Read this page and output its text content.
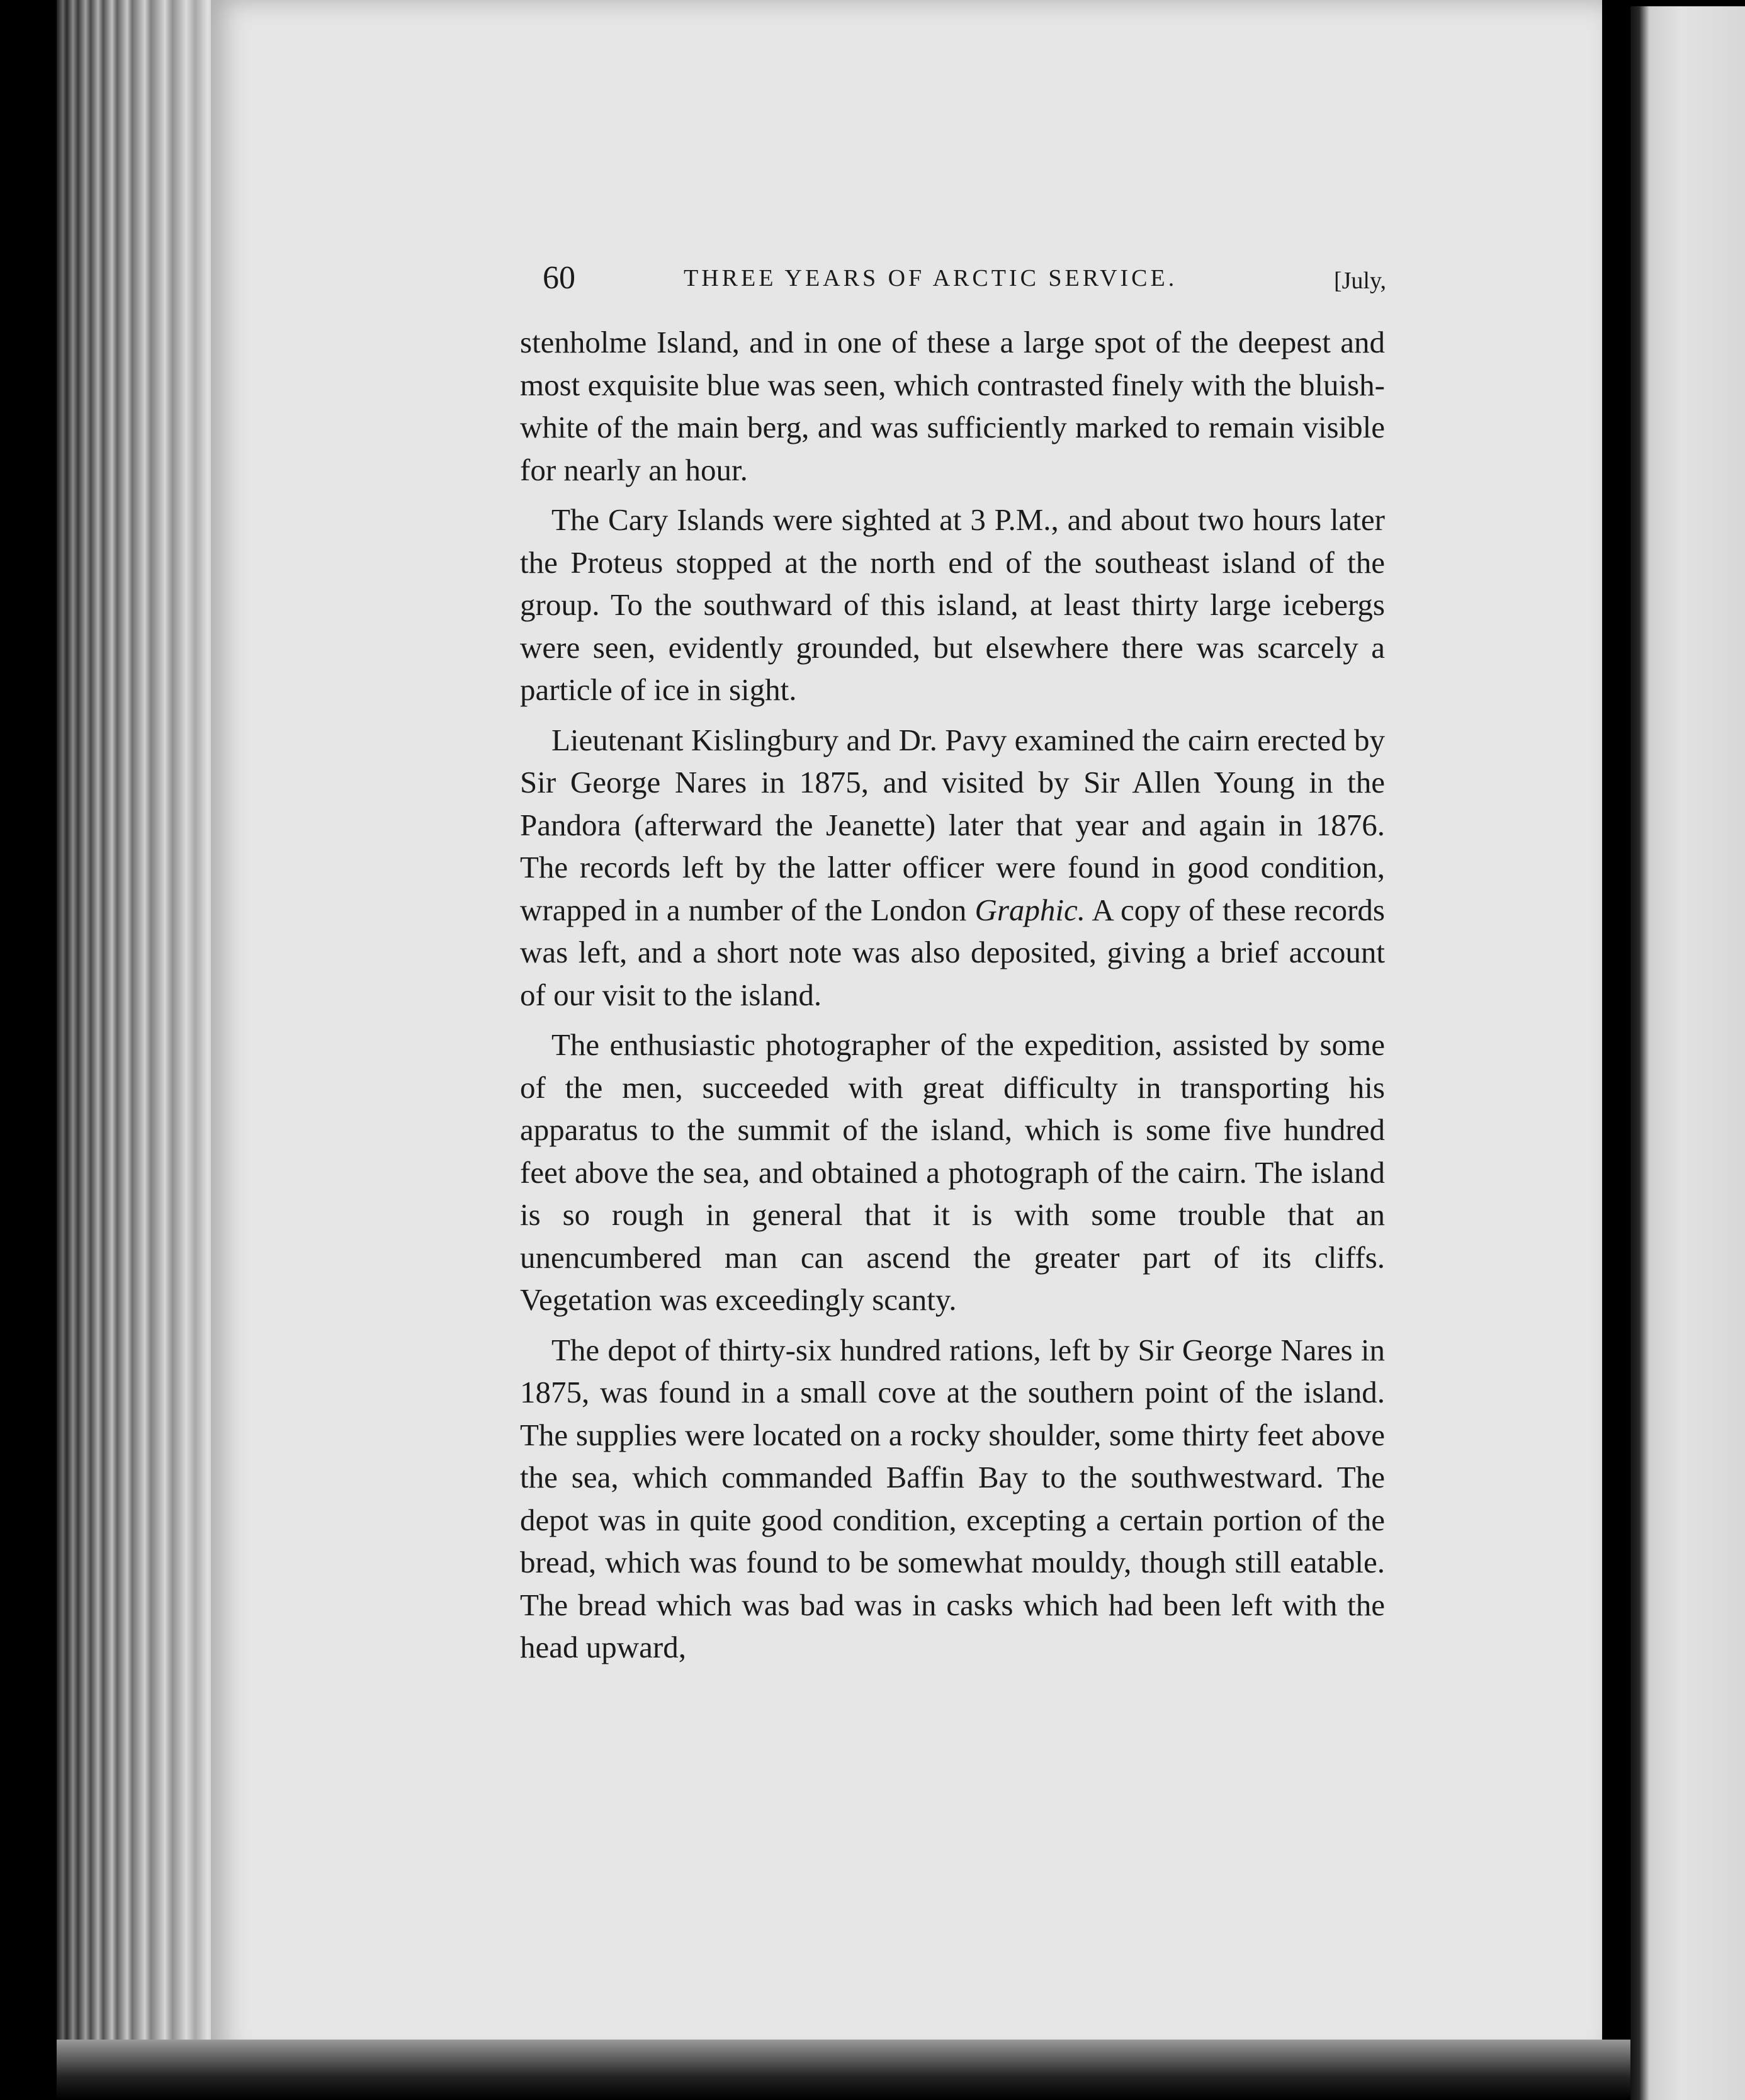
60	THREE YEARS OF ARCTIC SERVICE.	[July,

stenholme Island, and in one of these a large spot of the deepest and most exquisite blue was seen, which contrasted finely with the bluish-white of the main berg, and was sufficiently marked to remain visible for nearly an hour.

The Cary Islands were sighted at 3 P.M., and about two hours later the Proteus stopped at the north end of the southeast island of the group. To the southward of this island, at least thirty large icebergs were seen, evidently grounded, but elsewhere there was scarcely a particle of ice in sight.

Lieutenant Kislingbury and Dr. Pavy examined the cairn erected by Sir George Nares in 1875, and visited by Sir Allen Young in the Pandora (afterward the Jeanette) later that year and again in 1876. The records left by the latter officer were found in good condition, wrapped in a number of the London Graphic. A copy of these records was left, and a short note was also deposited, giving a brief account of our visit to the island.

The enthusiastic photographer of the expedition, assisted by some of the men, succeeded with great difficulty in transporting his apparatus to the summit of the island, which is some five hundred feet above the sea, and obtained a photograph of the cairn. The island is so rough in general that it is with some trouble that an unencumbered man can ascend the greater part of its cliffs. Vegetation was exceedingly scanty.

The depot of thirty-six hundred rations, left by Sir George Nares in 1875, was found in a small cove at the southern point of the island. The supplies were located on a rocky shoulder, some thirty feet above the sea, which commanded Baffin Bay to the southwestward. The depot was in quite good condition, excepting a certain portion of the bread, which was found to be somewhat mouldy, though still eatable. The bread which was bad was in casks which had been left with the head upward,
